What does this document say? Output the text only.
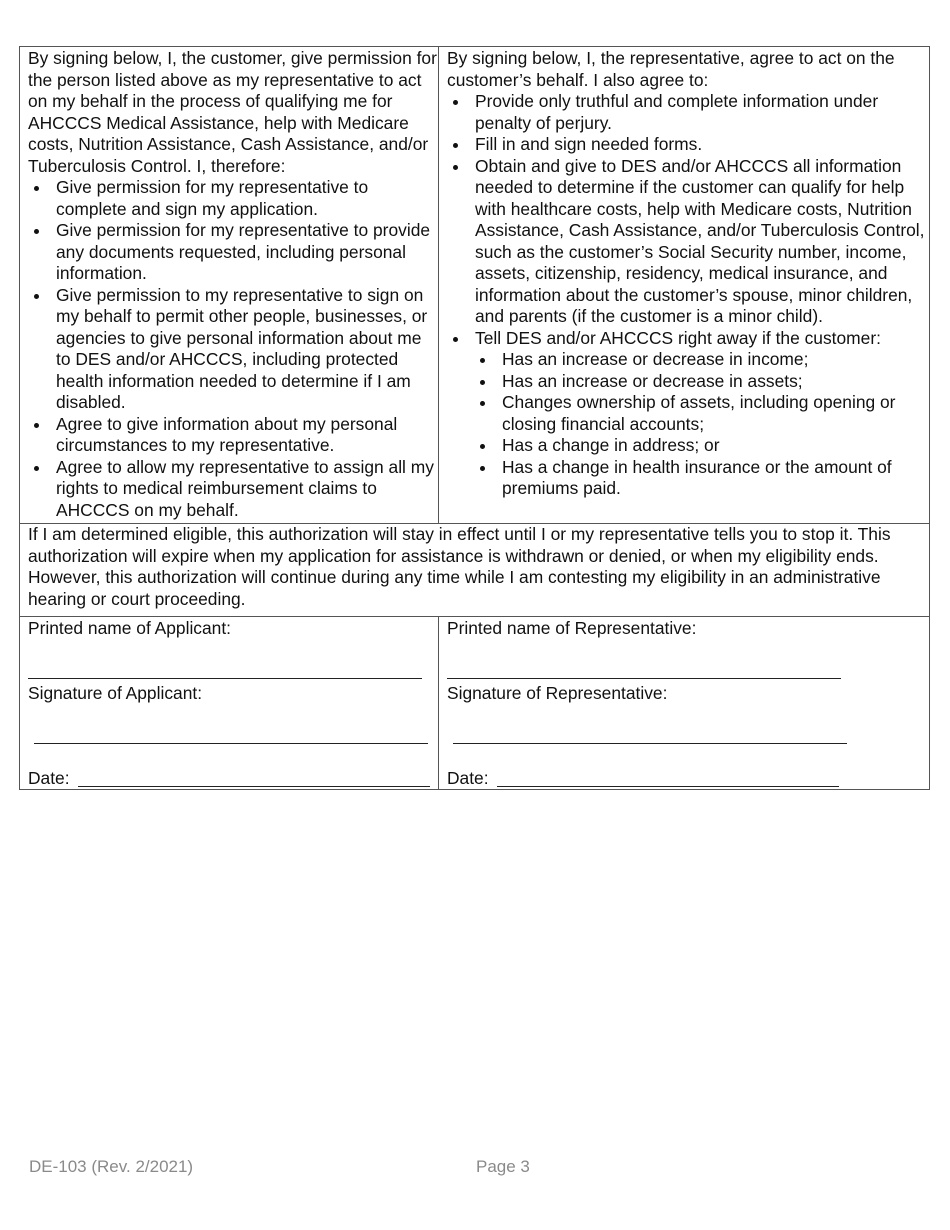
By signing below, I, the customer, give permission for the person listed above as my representative to act on my behalf in the process of qualifying me for AHCCCS Medical Assistance, help with Medicare costs, Nutrition Assistance, Cash Assistance, and/or Tuberculosis Control. I, therefore:

Give permission for my representative to complete and sign my application.
Give permission for my representative to provide any documents requested, including personal information.
Give permission to my representative to sign on my behalf to permit other people, businesses, or agencies to give personal information about me to DES and/or AHCCCS, including protected health information needed to determine if I am disabled.
Agree to give information about my personal circumstances to my representative.
Agree to allow my representative to assign all my rights to medical reimbursement claims to AHCCCS on my behalf.

By signing below, I, the representative, agree to act on the customer’s behalf. I also agree to:

Provide only truthful and complete information under penalty of perjury.
Fill in and sign needed forms.
Obtain and give to DES and/or AHCCCS all information needed to determine if the customer can qualify for help with healthcare costs, help with Medicare costs, Nutrition Assistance, Cash Assistance, and/or Tuberculosis Control, such as the customer’s Social Security number, income, assets, citizenship, residency, medical insurance, and information about the customer’s spouse, minor children, and parents (if the customer is a minor child).
Tell DES and/or AHCCCS right away if the customer:
Has an increase or decrease in income;
Has an increase or decrease in assets;
Changes ownership of assets, including opening or closing financial accounts;
Has a change in address; or
Has a change in health insurance or the amount of premiums paid.
If I am determined eligible, this authorization will stay in effect until I or my representative tells you to stop it. This authorization will expire when my application for assistance is withdrawn or denied, or when my eligibility ends. However, this authorization will continue during any time while I am contesting my eligibility in an administrative hearing or court proceeding.
Printed name of Applicant:
Signature of Applicant:
Date:
Printed name of Representative:
Signature of Representative:
Date:
DE-103 (Rev. 2/2021)	Page 3
